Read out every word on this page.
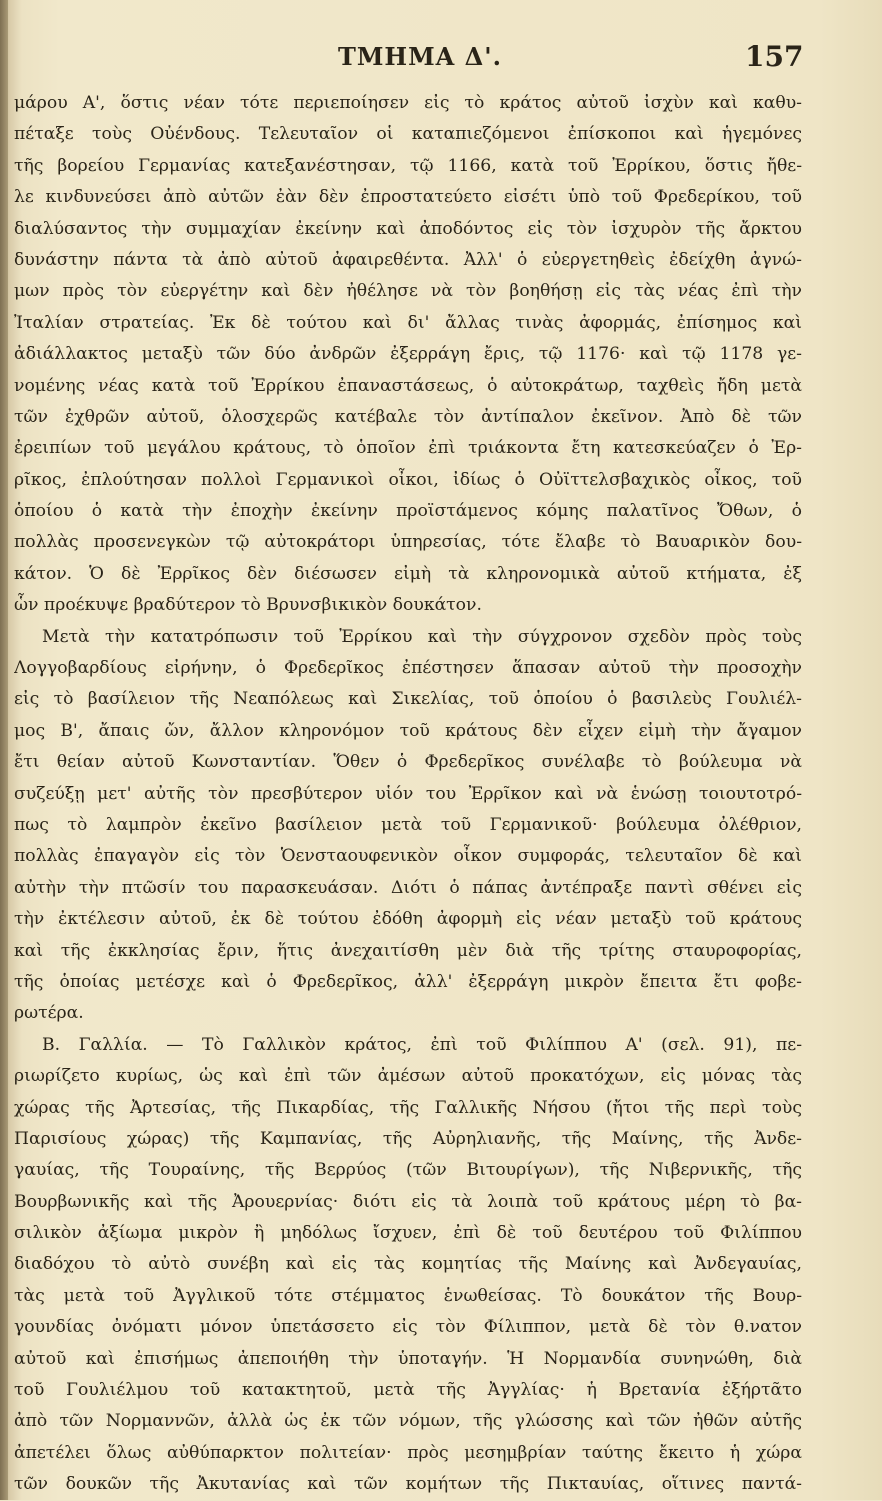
ΤΜΗΜΑ Δ'.	157
μάρου Α', ὅστις νέαν τότε περιεποίησεν εἰς τὸ κράτος αὐτοῦ ἰσχὺν καὶ καθυ-
πέταξε τοὺς Οὐένδους. Τελευταῖον οἱ καταπιεζόμενοι ἐπίσκοποι καὶ ἡγεμόνες
τῆς βορείου Γερμανίας κατεξανέστησαν, τῷ 1166, κατὰ τοῦ Ἐρρίκου, ὅστις ἤθε-
λε κινδυνεύσει ἀπὸ αὐτῶν ἐὰν δὲν ἐπροστατεύετο εἰσέτι ὑπὸ τοῦ Φρεδερίκου, τοῦ
διαλύσαντος τὴν συμμαχίαν ἐκείνην καὶ ἀποδόντος εἰς τὸν ἰσχυρὸν τῆς ἄρκτου
δυνάστην πάντα τὰ ἀπὸ αὐτοῦ ἀφαιρεθέντα. Ἀλλ' ὁ εὐεργετηθεὶς ἐδείχθη ἀγνώ-
μων πρὸς τὸν εὐεργέτην καὶ δὲν ἠθέλησε νὰ τὸν βοηθήσῃ εἰς τὰς νέας ἐπὶ τὴν
Ἰταλίαν στρατείας. Ἐκ δὲ τούτου καὶ δι' ἄλλας τινὰς ἀφορμάς, ἐπίσημος καὶ
ἀδιάλλακτος μεταξὺ τῶν δύο ἀνδρῶν ἐξερράγη ἔρις, τῷ 1176· καὶ τῷ 1178 γε-
νομένης νέας κατὰ τοῦ Ἐρρίκου ἐπαναστάσεως, ὁ αὐτοκράτωρ, ταχθεὶς ἤδη μετὰ
τῶν ἐχθρῶν αὐτοῦ, ὁλοσχερῶς κατέβαλε τὸν ἀντίπαλον ἐκεῖνον. Ἀπὸ δὲ τῶν
ἐρειπίων τοῦ μεγάλου κράτους, τὸ ὁποῖον ἐπὶ τριάκοντα ἔτη κατεσκεύαζεν ὁ Ἐρ-
ρῖκος, ἐπλούτησαν πολλοὶ Γερμανικοὶ οἶκοι, ἰδίως ὁ Οὐϊττελσβαχικὸς οἶκος, τοῦ
ὁποίου ὁ κατὰ τὴν ἐποχὴν ἐκείνην προϊστάμενος κόμης παλατῖνος Ὄθων, ὁ
πολλὰς προσενεγκὼν τῷ αὐτοκράτορι ὑπηρεσίας, τότε ἔλαβε τὸ Βαυαρικὸν δου-
κάτον. Ὁ δὲ Ἐρρῖκος δὲν διέσωσεν εἰμὴ τὰ κληρονομικὰ αὐτοῦ κτήματα, ἐξ
ὧν προέκυψε βραδύτερον τὸ Βρυνσβικικὸν δουκάτον.
Μετὰ τὴν κατατρόπωσιν τοῦ Ἐρρίκου καὶ τὴν σύγχρονον σχεδὸν πρὸς τοὺς
Λογγοβαρδίους εἰρήνην, ὁ Φρεδερῖκος ἐπέστησεν ἅπασαν αὐτοῦ τὴν προσοχὴν
εἰς τὸ βασίλειον τῆς Νεαπόλεως καὶ Σικελίας, τοῦ ὁποίου ὁ βασιλεὺς Γουλιέλ-
μος Β', ἄπαις ὤν, ἄλλον κληρονόμον τοῦ κράτους δὲν εἶχεν εἰμὴ τὴν ἄγαμον
ἔτι θείαν αὐτοῦ Κωνσταντίαν. Ὅθεν ὁ Φρεδερῖκος συνέλαβε τὸ βούλευμα νὰ
συζεύξῃ μετ' αὐτῆς τὸν πρεσβύτερον υἱόν του Ἐρρῖκον καὶ νὰ ἑνώσῃ τοιουτοτρό-
πως τὸ λαμπρὸν ἐκεῖνο βασίλειον μετὰ τοῦ Γερμανικοῦ· βούλευμα ὀλέθριον,
πολλὰς ἐπαγαγὸν εἰς τὸν Ὁενσταουφενικὸν οἶκον συμφοράς, τελευταῖον δὲ καὶ
αὐτὴν τὴν πτῶσίν του παρασκευάσαν. Διότι ὁ πάπας ἀντέπραξε παντὶ σθένει εἰς
τὴν ἐκτέλεσιν αὐτοῦ, ἐκ δὲ τούτου ἐδόθη ἀφορμὴ εἰς νέαν μεταξὺ τοῦ κράτους
καὶ τῆς ἐκκλησίας ἔριν, ἥτις ἀνεχαιτίσθη μὲν διὰ τῆς τρίτης σταυροφορίας,
τῆς ὁποίας μετέσχε καὶ ὁ Φρεδερῖκος, ἀλλ' ἐξερράγη μικρὸν ἔπειτα ἔτι φοβε-
ρωτέρα.
Β. Γαλλία. — Τὸ Γαλλικὸν κράτος, ἐπὶ τοῦ Φιλίππου Α' (σελ. 91), πε-
ριωρίζετο κυρίως, ὡς καὶ ἐπὶ τῶν ἀμέσων αὐτοῦ προκατόχων, εἰς μόνας τὰς
χώρας τῆς Ἀρτεσίας, τῆς Πικαρδίας, τῆς Γαλλικῆς Νήσου (ἤτοι τῆς περὶ τοὺς
Παρισίους χώρας) τῆς Καμπανίας, τῆς Αὐρηλιανῆς, τῆς Μαίνης, τῆς Ἀνδε-
γαυίας, τῆς Τουραίνης, τῆς Βερρύος (τῶν Βιτουρίγων), τῆς Νιβερνικῆς, τῆς
Βουρβωνικῆς καὶ τῆς Ἀρουερνίας· διότι εἰς τὰ λοιπὰ τοῦ κράτους μέρη τὸ βα-
σιλικὸν ἀξίωμα μικρὸν ἢ μηδόλως ἴσχυεν, ἐπὶ δὲ τοῦ δευτέρου τοῦ Φιλίππου
διαδόχου τὸ αὐτὸ συνέβη καὶ εἰς τὰς κομητίας τῆς Μαίνης καὶ Ἀνδεγαυίας,
τὰς μετὰ τοῦ Ἀγγλικοῦ τότε στέμματος ἑνωθείσας. Τὸ δουκάτον τῆς Βουρ-
γουνδίας ὀνόματι μόνον ὑπετάσσετο εἰς τὸν Φίλιππον, μετὰ δὲ τὸν θ.νατον
αὐτοῦ καὶ ἐπισήμως ἀπεποιήθη τὴν ὑποταγήν. Ἡ Νορμανδία συνηνώθη, διὰ
τοῦ Γουλιέλμου τοῦ κατακτητοῦ, μετὰ τῆς Ἀγγλίας· ἡ Βρετανία ἐξήρτᾶτο
ἀπὸ τῶν Νορμαννῶν, ἀλλὰ ὡς ἐκ τῶν νόμων, τῆς γλώσσης καὶ τῶν ἠθῶν αὐτῆς
ἀπετέλει ὅλως αὐθύπαρκτον πολιτείαν· πρὸς μεσημβρίαν ταύτης ἔκειτο ἡ χώρα
τῶν δουκῶν τῆς Ἀκυτανίας καὶ τῶν κομήτων τῆς Πικταυίας, οἵτινες παντά-
